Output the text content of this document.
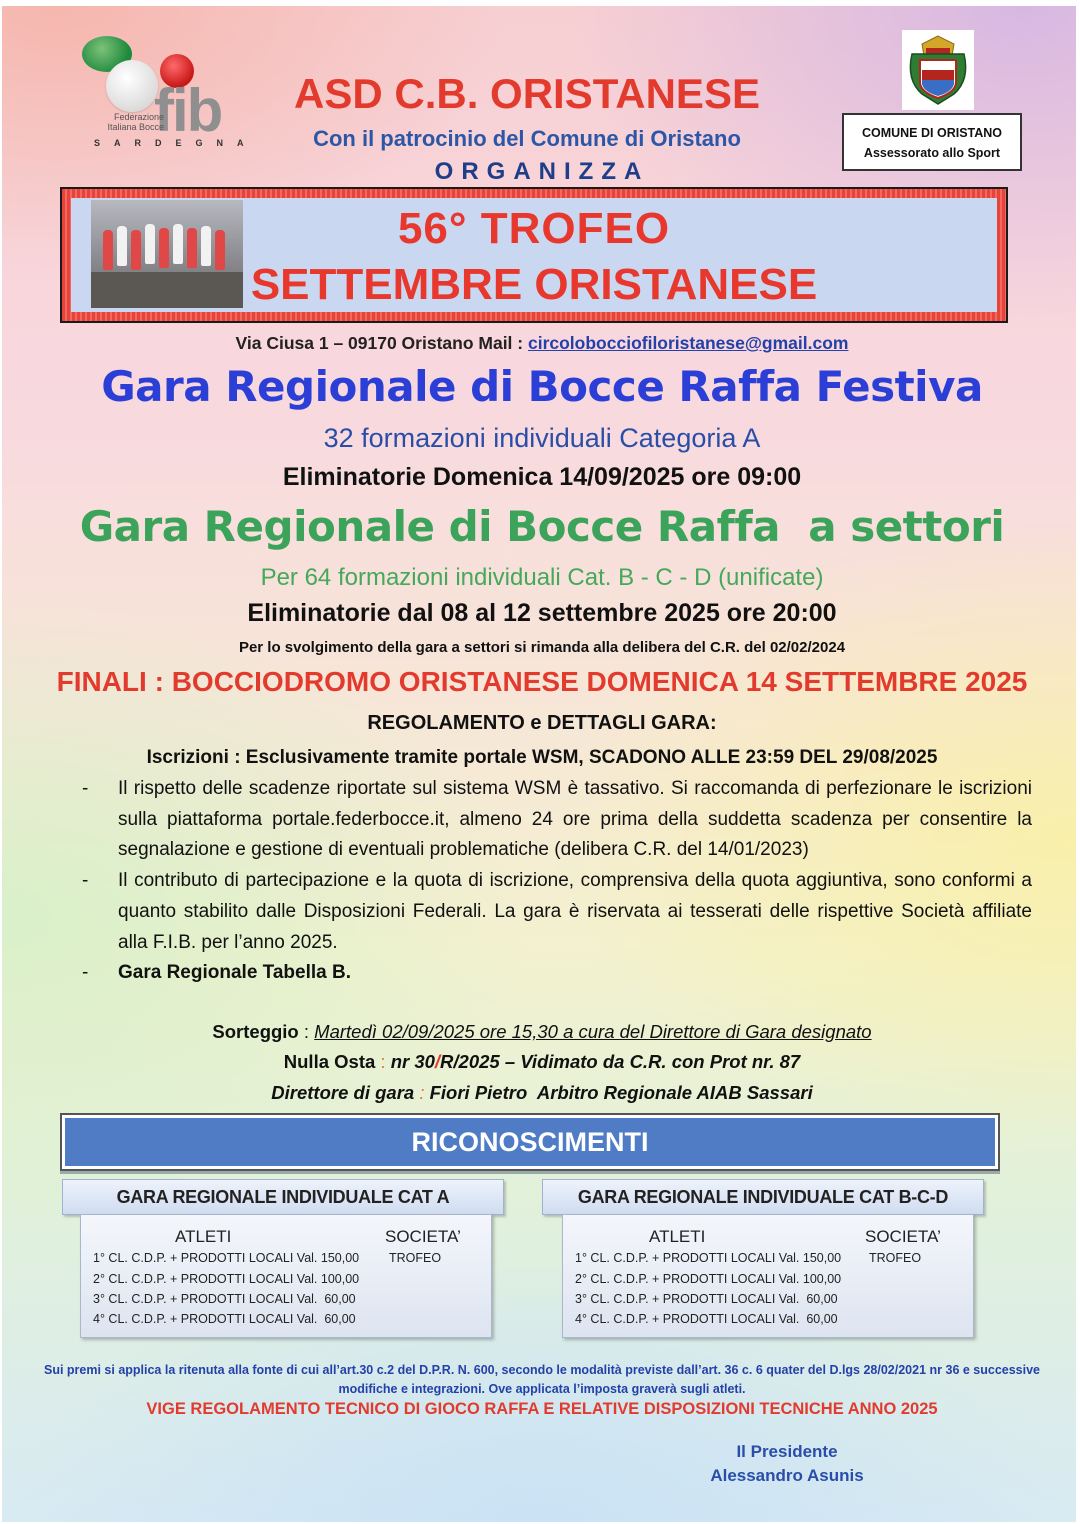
fib
Federazione Italiana Bocce
SARDEGNA
COMUNE DI ORISTANO
Assessorato allo Sport
ASD C.B. ORISTANESE
Con il patrocinio del Comune di Oristano
ORGANIZZA
56° TROFEO
SETTEMBRE ORISTANESE
Via Ciusa 1 – 09170 Oristano Mail : circolobocciofiloristanese@gmail.com
Gara Regionale di Bocce Raffa Festiva
32 formazioni individuali Categoria A
Eliminatorie Domenica 14/09/2025 ore 09:00
Gara Regionale di Bocce Raffa  a settori
Per 64 formazioni individuali Cat. B - C - D (unificate)
Eliminatorie dal 08 al 12 settembre 2025 ore 20:00
Per lo svolgimento della gara a settori si rimanda alla delibera del C.R. del 02/02/2024
FINALI : BOCCIODROMO ORISTANESE DOMENICA 14 SETTEMBRE 2025
REGOLAMENTO e DETTAGLI GARA:
Iscrizioni : Esclusivamente tramite portale WSM, SCADONO ALLE 23:59 DEL 29/08/2025
- Il rispetto delle scadenze riportate sul sistema WSM è tassativo. Si raccomanda di perfezionare le iscrizioni sulla piattaforma portale.federbocce.it, almeno 24 ore prima della suddetta scadenza per consentire la segnalazione e gestione di eventuali problematiche (delibera C.R. del 14/01/2023)
- Il contributo di partecipazione e la quota di iscrizione, comprensiva della quota aggiuntiva, sono conformi a quanto stabilito dalle Disposizioni Federali. La gara è riservata ai tesserati delle rispettive Società affiliate alla F.I.B. per l’anno 2025.
- Gara Regionale Tabella B.
Sorteggio : Martedì 02/09/2025 ore 15,30 a cura del Direttore di Gara designato
Nulla Osta : nr 30/R/2025 – Vidimato da C.R. con Prot nr. 87
Direttore di gara : Fiori Pietro  Arbitro Regionale AIAB Sassari
RICONOSCIMENTI
GARA REGIONALE INDIVIDUALE CAT A
ATLETI	SOCIETA’
1° CL. C.D.P. + PRODOTTI LOCALI Val. 150,00 TROFEO
2° CL. C.D.P. + PRODOTTI LOCALI Val. 100,00
3° CL. C.D.P. + PRODOTTI LOCALI Val.  60,00
4° CL. C.D.P. + PRODOTTI LOCALI Val.  60,00
GARA REGIONALE INDIVIDUALE CAT B-C-D
ATLETI	SOCIETA’
1° CL. C.D.P. + PRODOTTI LOCALI Val. 150,00 TROFEO
2° CL. C.D.P. + PRODOTTI LOCALI Val. 100,00
3° CL. C.D.P. + PRODOTTI LOCALI Val.  60,00
4° CL. C.D.P. + PRODOTTI LOCALI Val.  60,00
Sui premi si applica la ritenuta alla fonte di cui all’art.30 c.2 del D.P.R. N. 600, secondo le modalità previste dall’art. 36 c. 6 quater del D.lgs 28/02/2021 nr 36 e successive modifiche e integrazioni. Ove applicata l’imposta graverà sugli atleti.
VIGE REGOLAMENTO TECNICO DI GIOCO RAFFA E RELATIVE DISPOSIZIONI TECNICHE ANNO 2025
Il Presidente
Alessandro Asunis
